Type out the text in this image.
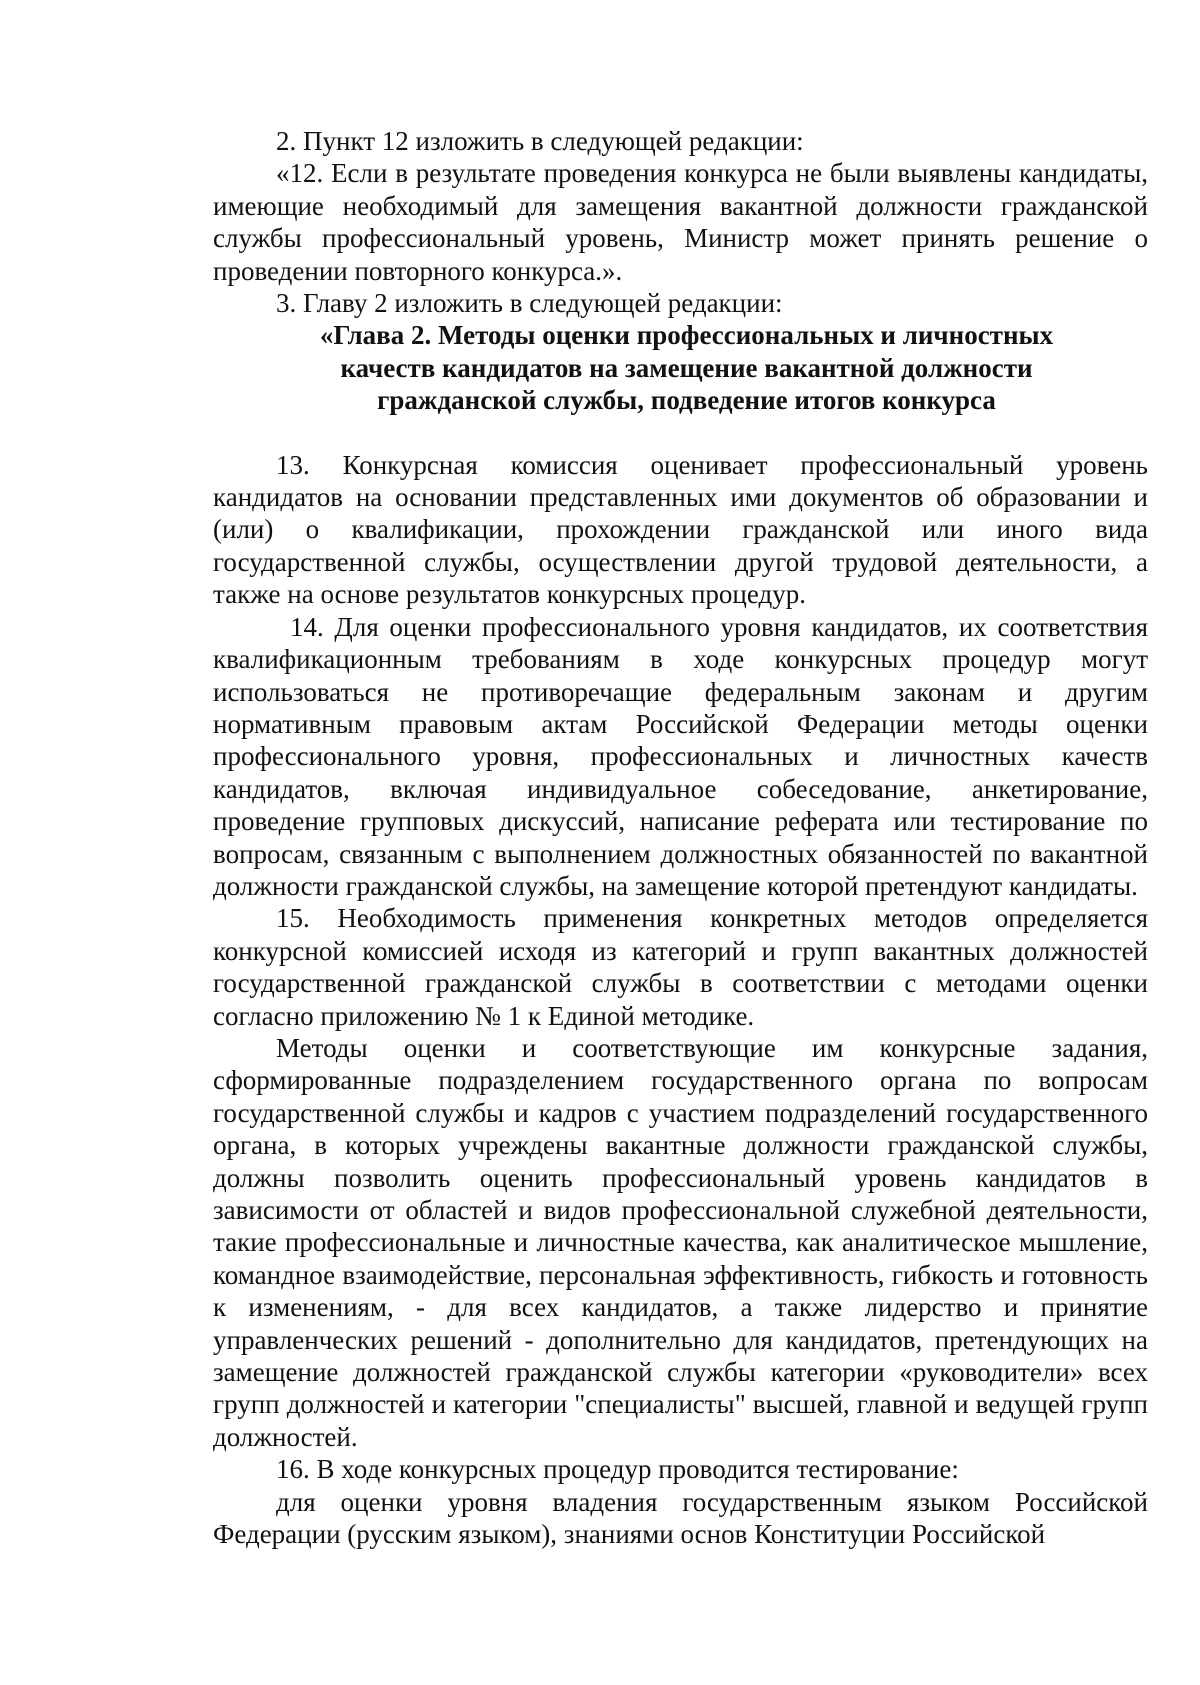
2. Пункт 12 изложить в следующей редакции:

«12. Если в результате проведения конкурса не были выявлены кандидаты, имеющие необходимый для замещения вакантной должности гражданской службы профессиональный уровень, Министр может принять решение о проведении повторного конкурса.».

3. Главу 2 изложить в следующей редакции:

«Глава 2. Методы оценки профессиональных и личностных
качеств кандидатов на замещение вакантной должности
гражданской службы, подведение итогов конкурса

13. Конкурсная комиссия оценивает профессиональный уровень кандидатов на основании представленных ими документов об образовании и (или) о квалификации, прохождении гражданской или иного вида государственной службы, осуществлении другой трудовой деятельности, а также на основе результатов конкурсных процедур.

14. Для оценки профессионального уровня кандидатов, их соответствия квалификационным требованиям в ходе конкурсных процедур могут использоваться не противоречащие федеральным законам и другим нормативным правовым актам Российской Федерации методы оценки профессионального уровня, профессиональных и личностных качеств кандидатов, включая индивидуальное собеседование, анкетирование, проведение групповых дискуссий, написание реферата или тестирование по вопросам, связанным с выполнением должностных обязанностей по вакантной должности гражданской службы, на замещение которой претендуют кандидаты.

15. Необходимость применения конкретных методов определяется конкурсной комиссией исходя из категорий и групп вакантных должностей государственной гражданской службы в соответствии с методами оценки согласно приложению № 1 к Единой методике.

Методы оценки и соответствующие им конкурсные задания, сформированные подразделением государственного органа по вопросам государственной службы и кадров с участием подразделений государственного органа, в которых учреждены вакантные должности гражданской службы, должны позволить оценить профессиональный уровень кандидатов в зависимости от областей и видов профессиональной служебной деятельности, такие профессиональные и личностные качества, как аналитическое мышление, командное взаимодействие, персональная эффективность, гибкость и готовность к изменениям, - для всех кандидатов, а также лидерство и принятие управленческих решений - дополнительно для кандидатов, претендующих на замещение должностей гражданской службы категории «руководители» всех групп должностей и категории "специалисты" высшей, главной и ведущей групп должностей.

16. В ходе конкурсных процедур проводится тестирование:

для оценки уровня владения государственным языком Российской Федерации (русским языком), знаниями основ Конституции Российской
